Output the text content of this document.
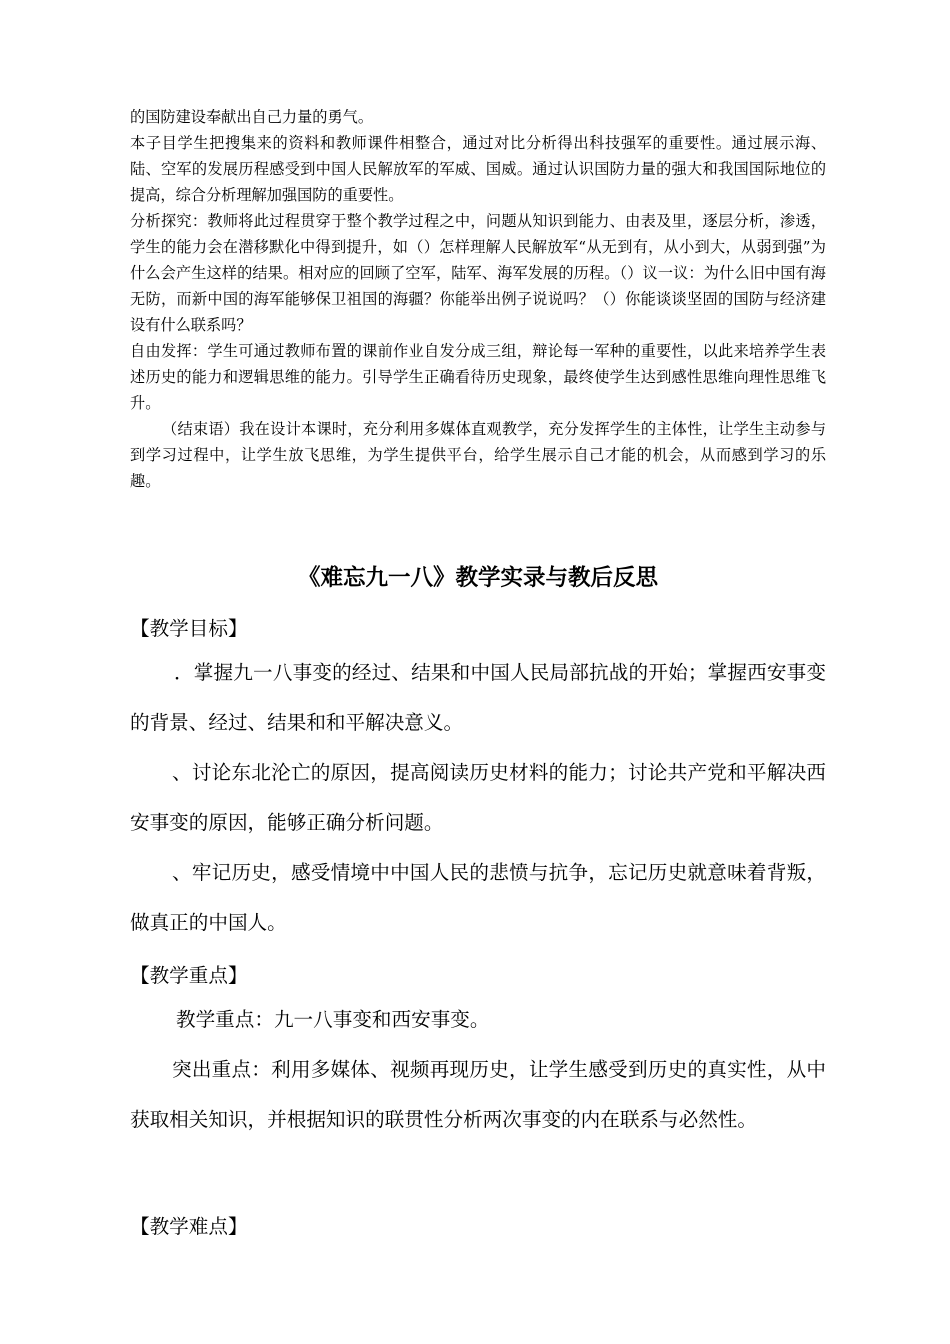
的国防建设奉献出自己力量的勇气。

本子目学生把搜集来的资料和教师课件相整合，通过对比分析得出科技强军的重要性。通过展示海、陆、空军的发展历程感受到中国人民解放军的军威、国威。通过认识国防力量的强大和我国国际地位的提高，综合分析理解加强国防的重要性。

分析探究：教师将此过程贯穿于整个教学过程之中，问题从知识到能力、由表及里，逐层分析，渗透，学生的能力会在潜移默化中得到提升，如（）怎样理解人民解放军“从无到有，从小到大，从弱到强”为什么会产生这样的结果。相对应的回顾了空军，陆军、海军发展的历程。（）议一议：为什么旧中国有海无防，而新中国的海军能够保卫祖国的海疆？你能举出例子说说吗？（）你能谈谈坚固的国防与经济建设有什么联系吗？

自由发挥：学生可通过教师布置的课前作业自发分成三组，辩论每一军种的重要性，以此来培养学生表述历史的能力和逻辑思维的能力。引导学生正确看待历史现象，最终使学生达到感性思维向理性思维飞升。

（结束语）我在设计本课时，充分利用多媒体直观教学，充分发挥学生的主体性，让学生主动参与到学习过程中，让学生放飞思维，为学生提供平台，给学生展示自己才能的机会，从而感到学习的乐趣。

《难忘九一八》教学实录与教后反思

【教学目标】

．掌握九一八事变的经过、结果和中国人民局部抗战的开始；掌握西安事变的背景、经过、结果和和平解决意义。

、讨论东北沦亡的原因，提高阅读历史材料的能力；讨论共产党和平解决西安事变的原因，能够正确分析问题。

、牢记历史，感受情境中中国人民的悲愤与抗争，忘记历史就意味着背叛，做真正的中国人。

【教学重点】

教学重点：九一八事变和西安事变。

突出重点：利用多媒体、视频再现历史，让学生感受到历史的真实性，从中获取相关知识，并根据知识的联贯性分析两次事变的内在联系与必然性。

【教学难点】
